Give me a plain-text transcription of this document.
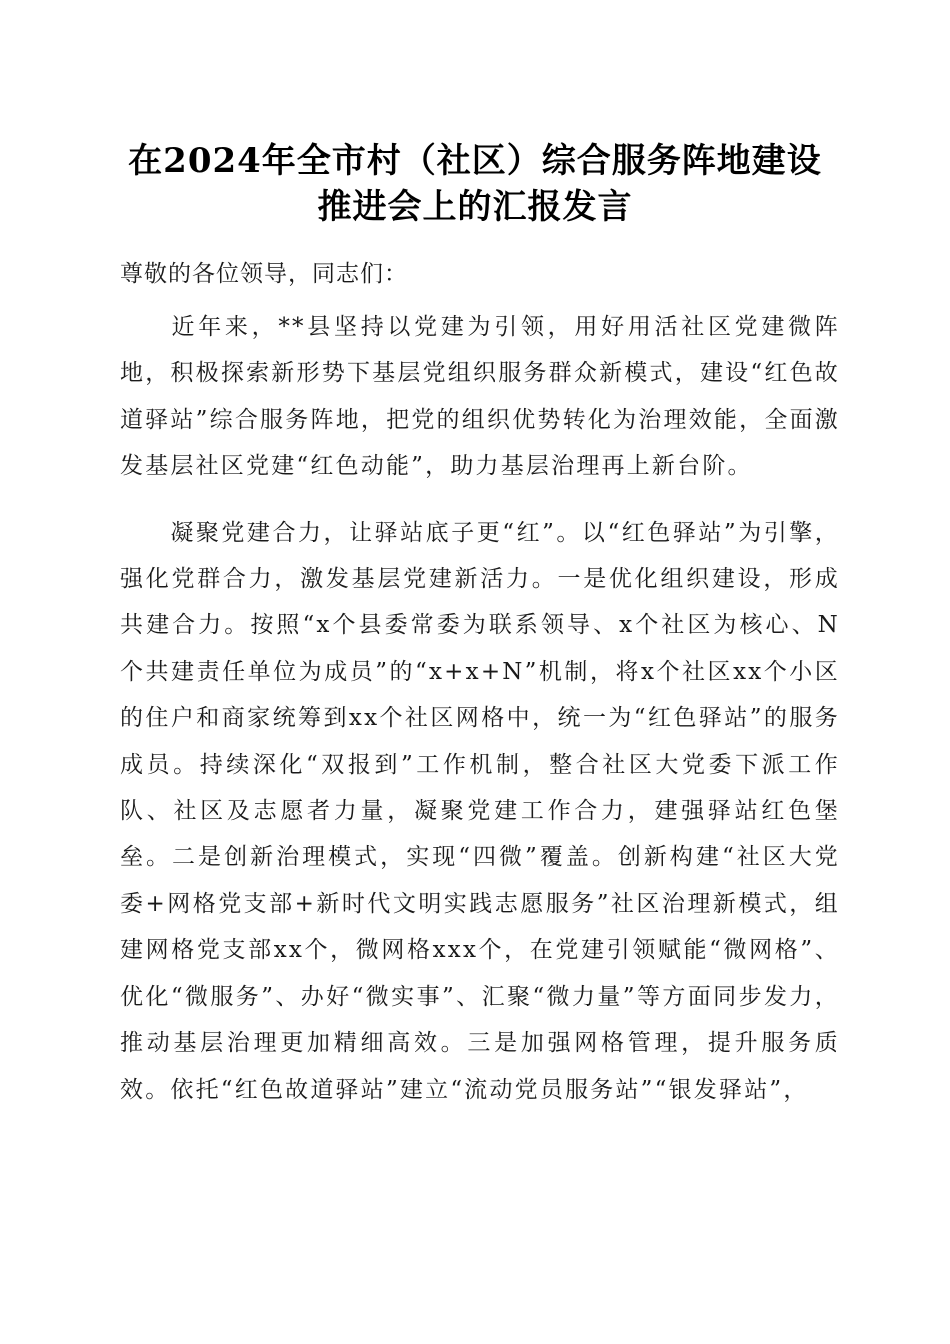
在2024年全市村（社区）综合服务阵地建设
推进会上的汇报发言

尊敬的各位领导，同志们：

近年来，**县坚持以党建为引领，用好用活社区党建微阵地，积极探索新形势下基层党组织服务群众新模式，建设“红色故道驿站”综合服务阵地，把党的组织优势转化为治理效能，全面激发基层社区党建“红色动能”，助力基层治理再上新台阶。

凝聚党建合力，让驿站底子更“红”。以“红色驿站”为引擎，强化党群合力，激发基层党建新活力。一是优化组织建设，形成共建合力。按照“x个县委常委为联系领导、x个社区为核心、N个共建责任单位为成员”的“x+x+N”机制，将x个社区xx个小区的住户和商家统筹到xx个社区网格中，统一为“红色驿站”的服务成员。持续深化“双报到”工作机制，整合社区大党委下派工作队、社区及志愿者力量，凝聚党建工作合力，建强驿站红色堡垒。二是创新治理模式，实现“四微”覆盖。创新构建“社区大党委+网格党支部+新时代文明实践志愿服务”社区治理新模式，组建网格党支部xx个，微网格xxx个，在党建引领赋能“微网格”、优化“微服务”、办好“微实事”、汇聚“微力量”等方面同步发力，推动基层治理更加精细高效。三是加强网格管理，提升服务质效。依托“红色故道驿站”建立“流动党员服务站”“银发驿站”，
